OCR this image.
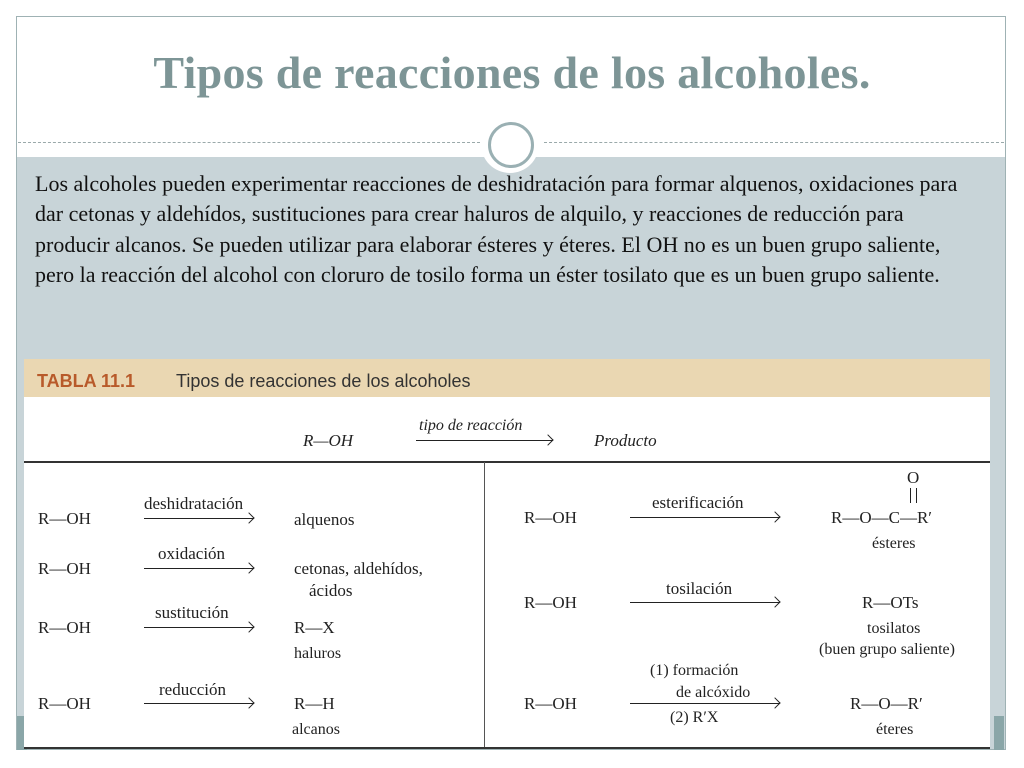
Tipos de reacciones de los alcoholes.

Los alcoholes pueden experimentar reacciones de deshidratación para formar alquenos, oxidaciones para dar cetonas y aldehídos, sustituciones para crear haluros de alquilo, y reacciones de reducción para producir alcanos. Se pueden utilizar para elaborar ésteres y éteres. El OH no es un buen grupo saliente, pero la reacción del alcohol con cloruro de tosilo forma un éster tosilato que es un buen grupo saliente.

TABLA 11.1 Tipos de reacciones de los alcoholes
R—OH
tipo de reacción
Producto
R—OH
deshidratación
alquenos
R—OH
oxidación
cetonas, aldehídos,
ácidos
R—OH
sustitución
R—X
haluros
R—OH
reducción
R—H
alcanos
R—OH
esterificación
O
R—O—C—R′
ésteres
R—OH
tosilación
R—OTs
tosilatos
(buen grupo saliente)
R—OH
(1) formación
de alcóxido
(2) R′X
R—O—R′
éteres
